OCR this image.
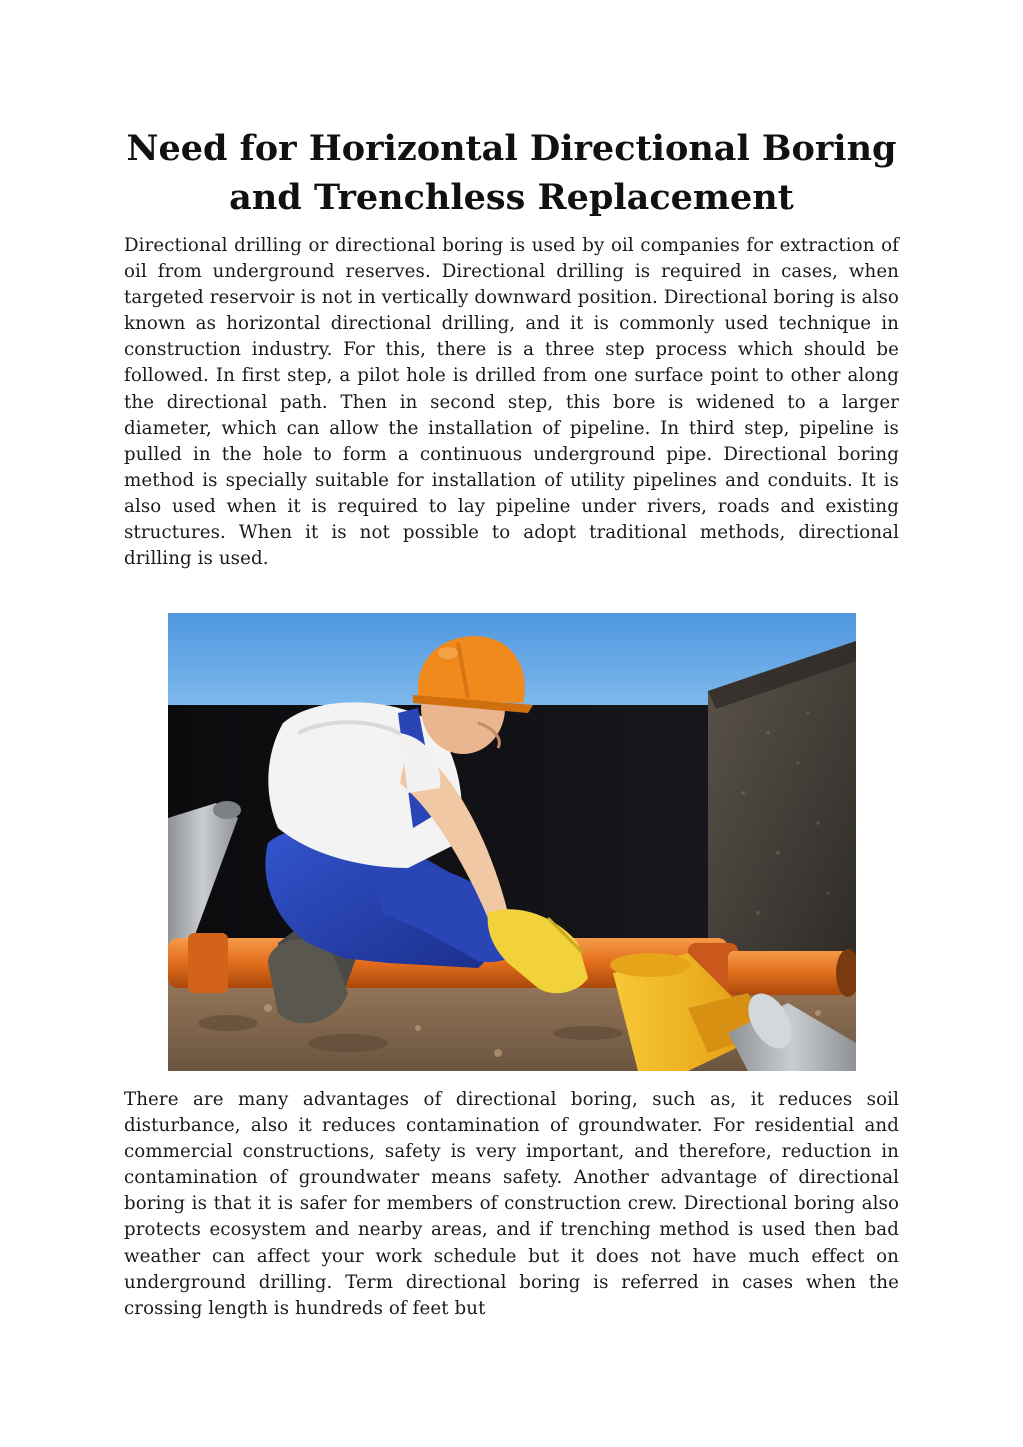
Need for Horizontal Directional Boring and Trenchless Replacement

Directional drilling or directional boring is used by oil companies for extraction of oil from underground reserves. Directional drilling is required in cases, when targeted reservoir is not in vertically downward position. Directional boring is also known as horizontal directional drilling, and it is commonly used technique in construction industry. For this, there is a three step process which should be followed. In first step, a pilot hole is drilled from one surface point to other along the directional path. Then in second step, this bore is widened to a larger diameter, which can allow the installation of pipeline. In third step, pipeline is pulled in the hole to form a continuous underground pipe. Directional boring method is specially suitable for installation of utility pipelines and conduits. It is also used when it is required to lay pipeline under rivers, roads and existing structures. When it is not possible to adopt traditional methods, directional drilling is used.

There are many advantages of directional boring, such as, it reduces soil disturbance, also it reduces contamination of groundwater. For residential and commercial constructions, safety is very important, and therefore, reduction in contamination of groundwater means safety. Another advantage of directional boring is that it is safer for members of construction crew. Directional boring also protects ecosystem and nearby areas, and if trenching method is used then bad weather can affect your work schedule but it does not have much effect on underground drilling. Term directional boring is referred in cases when the crossing length is hundreds of feet but
